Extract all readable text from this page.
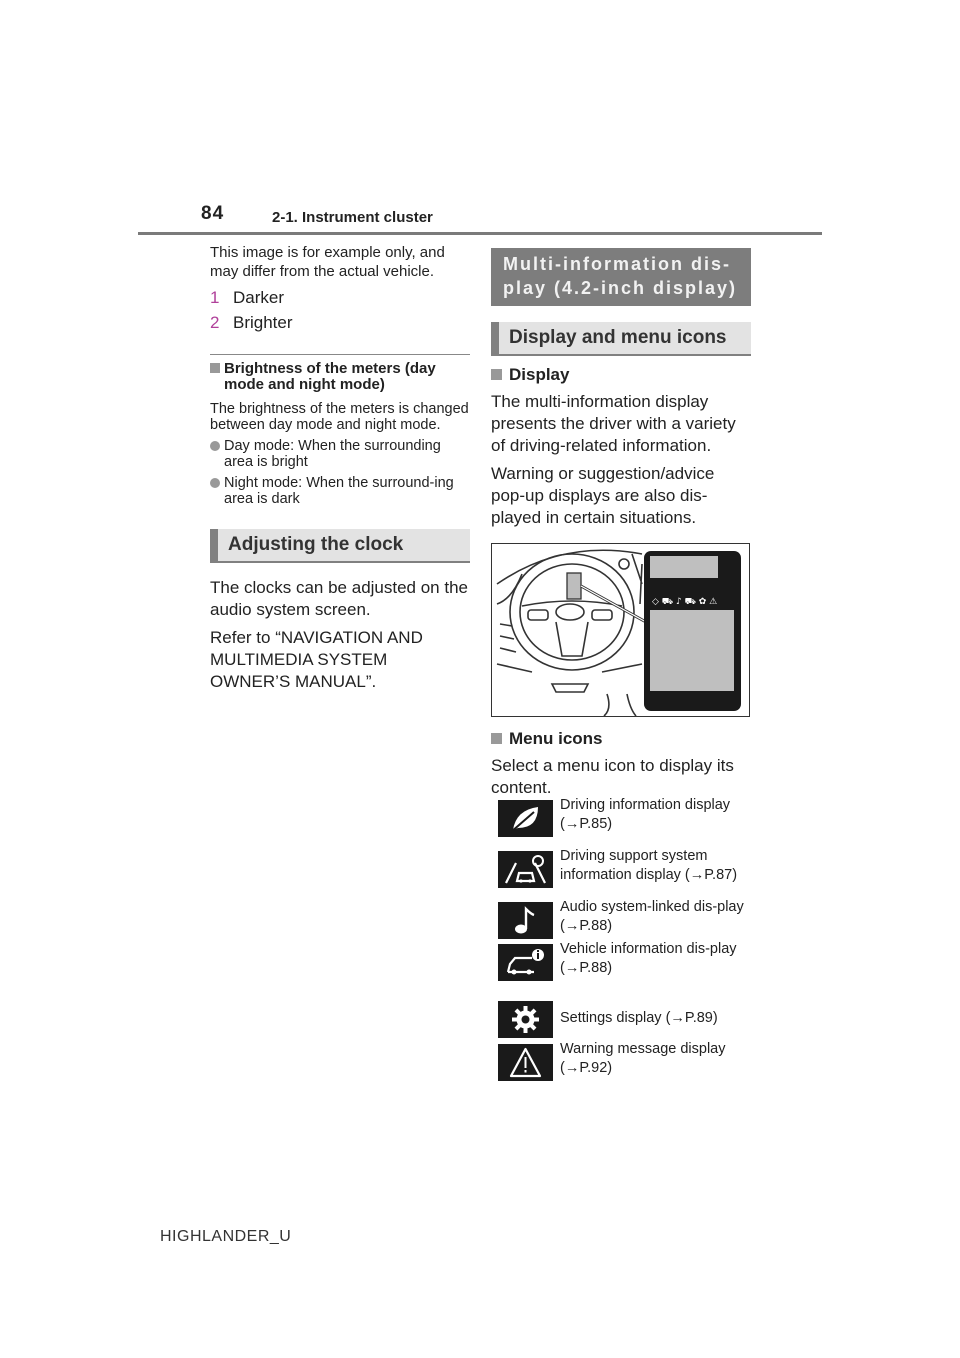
84	2-1. Instrument cluster

This image is for example only, and may differ from the actual vehicle.

1 Darker
2 Brighter
Brightness of the meters (day mode and night mode)

The brightness of the meters is changed between day mode and night mode.

Day mode: When the surrounding area is bright
Night mode: When the surround-ing area is dark
Adjusting the clock

The clocks can be adjusted on the audio system screen.

Refer to “NAVIGATION AND MULTIMEDIA SYSTEM OWNER’S MANUAL”.

Multi-information dis-play (4.2-inch display)
Display and menu icons
Display

The multi-information display presents the driver with a variety of driving-related information.

Warning or suggestion/advice pop-up displays are also dis-played in certain situations.

◇ ⛟ ♪ ⛟ ✿ ⚠
Menu icons

Select a menu icon to display its content.

Driving information display (→P.85)
Driving support system information display (→P.87)
Audio system-linked dis-play (→P.88)
Vehicle information dis-play (→P.88)
Settings display (→P.89)
Warning message display (→P.92)
HIGHLANDER_U
